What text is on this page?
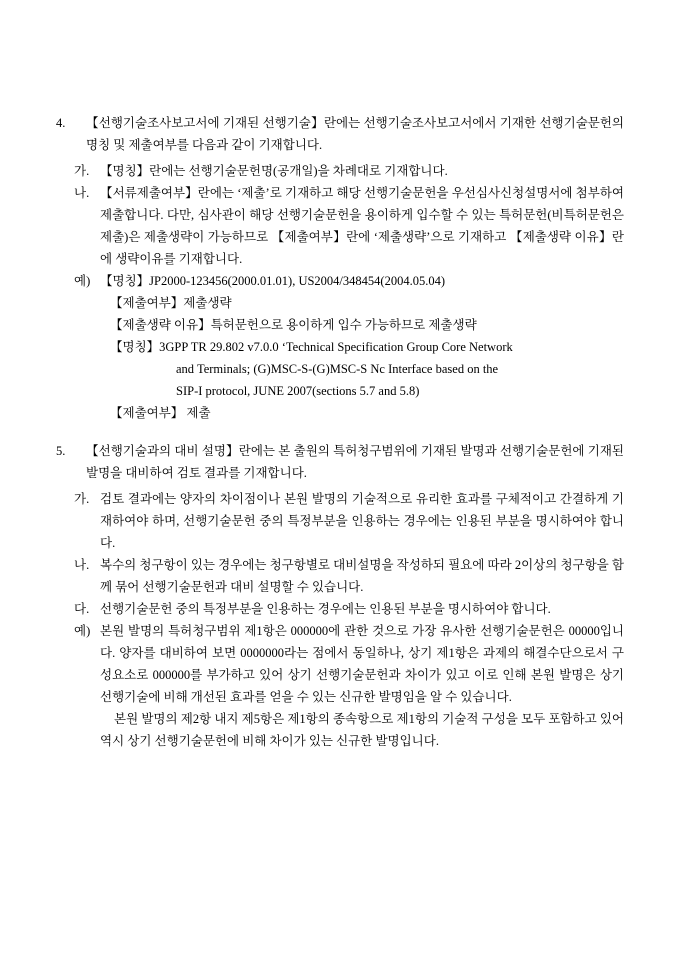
4.	【선행기술조사보고서에 기재된 선행기술】란에는 선행기술조사보고서에서 기재한 선행기술문헌의 명칭 및 제출여부를 다음과 같이 기재합니다.
가. 【명칭】란에는 선행기술문헌명(공개일)을 차례대로 기재합니다.
나. 【서류제출여부】란에는 ‘제출’로 기재하고 해당 선행기술문헌을 우선심사신청설명서에 첨부하여 제출합니다. 다만, 심사관이 해당 선행기술문헌을 용이하게 입수할 수 있는 특허문헌(비특허문헌은 제출)은 제출생략이 가능하므로 【제출여부】란에 ‘제출생략’으로 기재하고 【제출생략 이유】란에 생략이유를 기재합니다.
예) 【명칭】JP2000-123456(2000.01.01), US2004/348454(2004.05.04)
【제출여부】제출생략
【제출생략 이유】특허문헌으로 용이하게 입수 가능하므로 제출생략
【명칭】3GPP TR 29.802 v7.0.0 ‘Technical Specification Group Core Network
and Terminals; (G)MSC-S-(G)MSC-S Nc Interface based on the
SIP-I protocol, JUNE 2007(sections 5.7 and 5.8)
【제출여부】 제출
5.	【선행기술과의 대비 설명】란에는 본 출원의 특허청구범위에 기재된 발명과 선행기술문헌에 기재된 발명을 대비하여 검토 결과를 기재합니다.
가. 검토 결과에는 양자의 차이점이나 본원 발명의 기술적으로 유리한 효과를 구체적이고 간결하게 기재하여야 하며, 선행기술문헌 중의 특정부분을 인용하는 경우에는 인용된 부분을 명시하여야 합니다.
나. 복수의 청구항이 있는 경우에는 청구항별로 대비설명을 작성하되 필요에 따라 2이상의 청구항을 함께 묶어 선행기술문헌과 대비 설명할 수 있습니다.
다. 선행기술문헌 중의 특정부분을 인용하는 경우에는 인용된 부분을 명시하여야 합니다.
예) 본원 발명의 특허청구범위 제1항은 000000에 관한 것으로 가장 유사한 선행기술문헌은 00000입니다. 양자를 대비하여 보면 0000000라는 점에서 동일하나, 상기 제1항은 과제의 해결수단으로서 구성요소로 000000를 부가하고 있어 상기 선행기술문헌과 차이가 있고 이로 인해 본원 발명은 상기 선행기술에 비해 개선된 효과를 얻을 수 있는 신규한 발명임을 알 수 있습니다.
본원 발명의 제2항 내지 제5항은 제1항의 종속항으로 제1항의 기술적 구성을 모두 포함하고 있어 역시 상기 선행기술문헌에 비해 차이가 있는 신규한 발명입니다.
